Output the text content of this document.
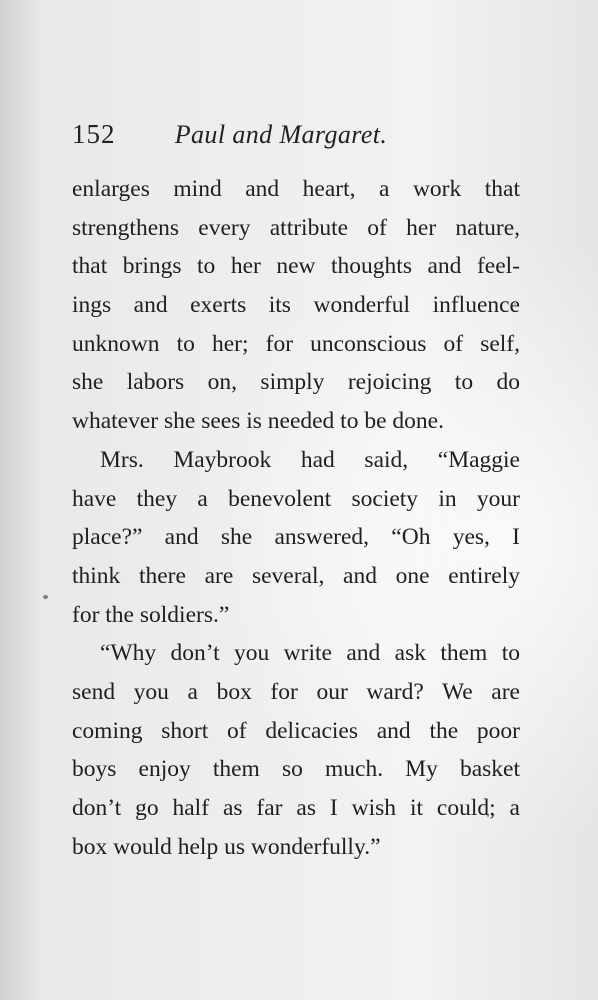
152 Paul and Margaret.
enlarges mind and heart, a work that
strengthens every attribute of her nature,
that brings to her new thoughts and feel-
ings and exerts its wonderful influence
unknown to her; for unconscious of self,
she labors on, simply rejoicing to do
whatever she sees is needed to be done.
Mrs. Maybrook had said, “Maggie
have they a benevolent society in your
place?” and she answered, “Oh yes, I
think there are several, and one entirely
for the soldiers.”
“Why don’t you write and ask them to
send you a box for our ward? We are
coming short of delicacies and the poor
boys enjoy them so much. My basket
don’t go half as far as I wish it could; a
box would help us wonderfully.”
